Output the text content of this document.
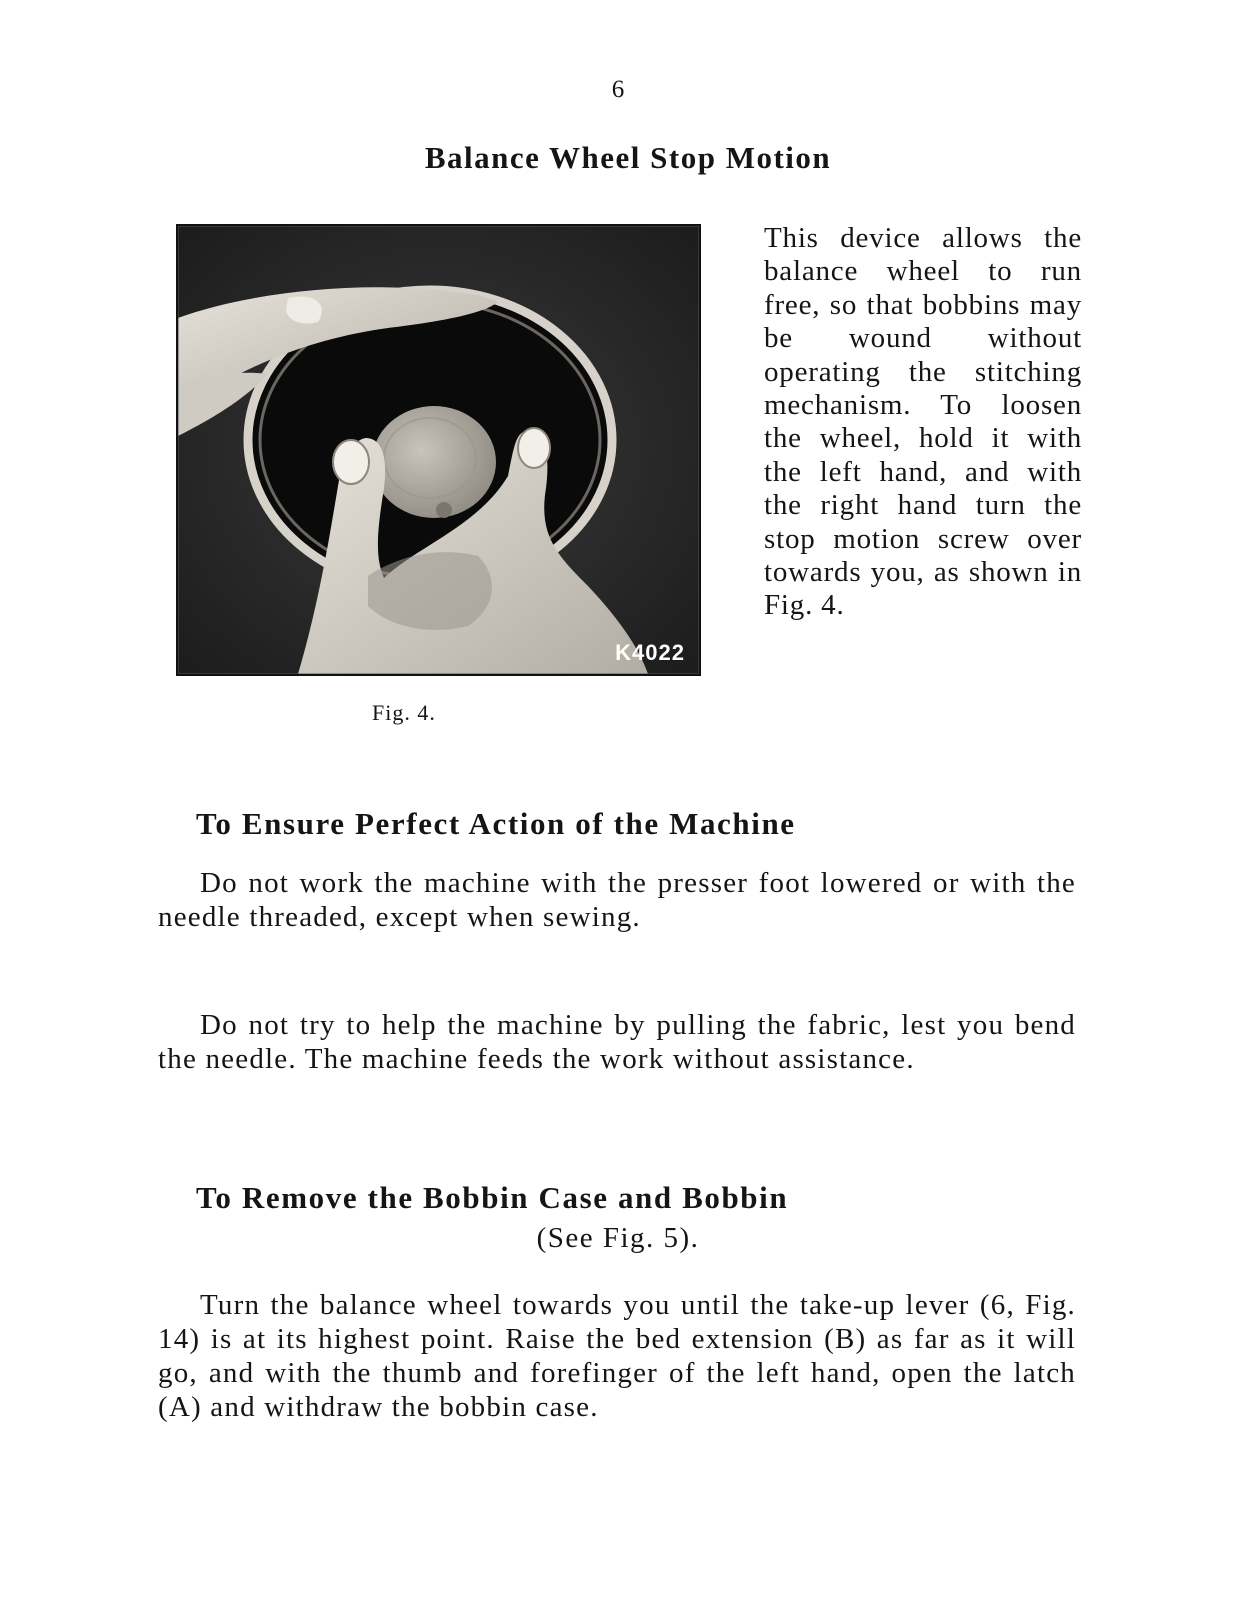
6
Balance Wheel Stop Motion
K4022
Fig. 4.
This device allows the balance wheel to run free, so that bobbins may be wound without operating the stitching mechanism. To loosen the wheel, hold it with the left hand, and with the right hand turn the stop motion screw over towards you, as shown in Fig. 4.
To Ensure Perfect Action of the Machine
Do not work the machine with the presser foot lowered or with the needle threaded, except when sewing.
Do not try to help the machine by pulling the fabric, lest you bend the needle. The machine feeds the work without assistance.
To Remove the Bobbin Case and Bobbin
(See Fig. 5).
Turn the balance wheel towards you until the take-up lever (6, Fig. 14) is at its highest point. Raise the bed extension (B) as far as it will go, and with the thumb and forefinger of the left hand, open the latch (A) and withdraw the bobbin case.
